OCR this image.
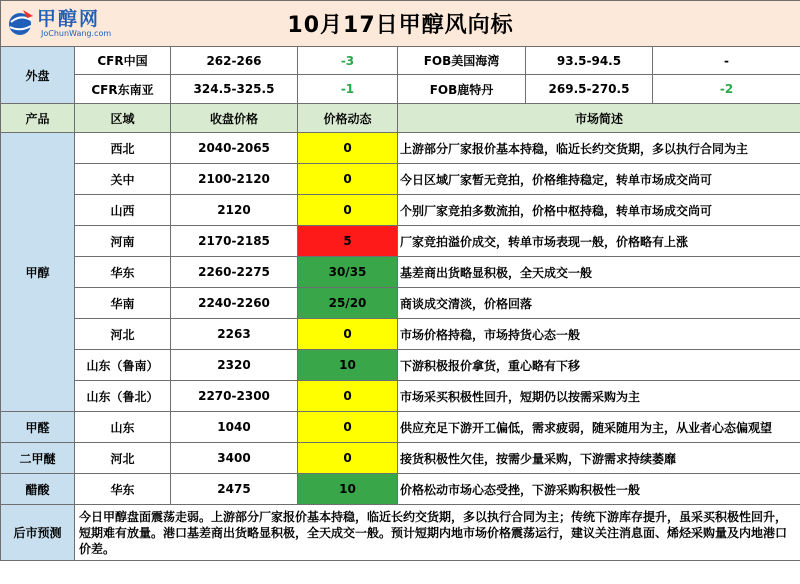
甲醇网
JoChunWang.com 10月17日甲醇风向标						
外盘	CFR中国	262-266	-3	FOB美国海湾	93.5-94.5	-
	CFR东南亚	324.5-325.5	-1	FOB鹿特丹	269.5-270.5	-2
产品	区域	收盘价格	价格动态	市场简述		
甲醇	西北	2040-2065	0	上游部分厂家报价基本持稳，临近长约交货期，多以执行合同为主		
	关中	2100-2120	0	今日区域厂家暂无竞拍，价格维持稳定，转单市场成交尚可		
	山西	2120	0	个别厂家竞拍多数流拍，价格中枢持稳，转单市场成交尚可		
	河南	2170-2185	5	厂家竞拍溢价成交，转单市场表现一般，价格略有上涨		
	华东	2260-2275	30/35	基差商出货略显积极，全天成交一般		
	华南	2240-2260	25/20	商谈成交清淡，价格回落		
	河北	2263	0	市场价格持稳，市场持货心态一般		
	山东（鲁南）	2320	10	下游积极报价拿货，重心略有下移		
	山东（鲁北）	2270-2300	0	市场采买积极性回升，短期仍以按需采购为主		
甲醛	山东	1040	0	供应充足下游开工偏低，需求疲弱，随采随用为主，从业者心态偏观望		
二甲醚	河北	3400	0	接货积极性欠佳，按需少量采购，下游需求持续萎靡		
醋酸	华东	2475	10	价格松动市场心态受挫，下游采购积极性一般		
后市预测	今日甲醇盘面震荡走弱。上游部分厂家报价基本持稳，临近长约交货期，多以执行合同为主；传统下游库存提升，虽采买积极性回升，短期难有放量。港口基差商出货略显积极，全天成交一般。预计短期内地市场价格震荡运行，建议关注消息面、烯烃采购量及内地港口价差。					
